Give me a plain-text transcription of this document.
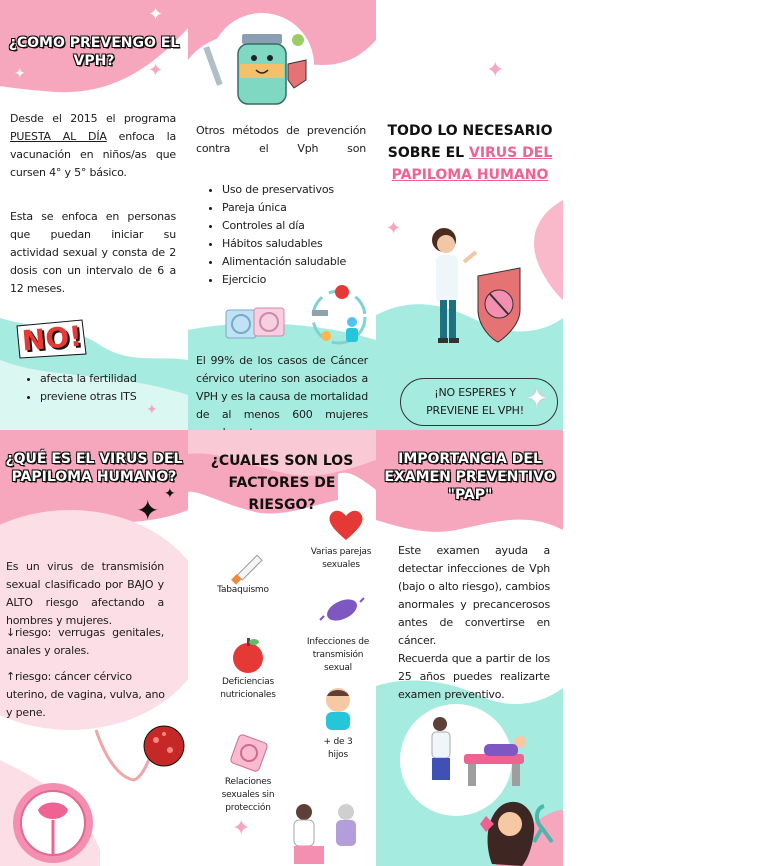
¿COMO PREVENGO EL VPH?
✦
✦	✦
Desde el 2015 el programa PUESTA AL DÍA enfoca la vacunación en niños/as que cursen 4° y 5° básico.
Esta se enfoca en personas que puedan iniciar su actividad sexual y consta de 2 dosis con un intervalo de 6 a 12 meses.
NO!
• afecta la fertilidad
• previene otras ITS
Otros métodos de prevención contra el Vph son
• Uso de preservativos
• Pareja única
• Controles al día
• Hábitos saludables
• Alimentación saludable
• Ejercicio
El 99% de los casos de Cáncer cérvico uterino son asociados a VPH y es la causa de mortalidad de al menos 600 mujeres
✦
✦
TODO LO NECESARIO SOBRE EL VIRUS DEL PAPILOMA HUMANO
¡NO ESPERES Y PREVIENE EL VPH! ✦
¿QUÉ ES EL VIRUS DEL PAPILOMA HUMANO?
✦ ✦
Es un virus de transmisión sexual clasificado por BAJO y ALTO riesgo afectando a hombres y mujeres.
↓riesgo: verrugas genitales, anales y orales.
↑riesgo: cáncer cérvico uterino, de vagina, vulva, ano y pene.
¿CUALES SON LOS FACTORES DE RIESGO?
Varias parejas sexuales
Tabaquismo
Infecciones de transmisión sexual
Deficiencias nutricionales
+ de 3 hijos
Relaciones sexuales sin protección
IMPORTANCIA DEL EXAMEN PREVENTIVO "PAP"
Este examen ayuda a detectar infecciones de Vph (bajo o alto riesgo), cambios anormales y precancerosos antes de convertirse en cáncer.
Recuerda que a partir de los 25 años puedes realizarte examen preventivo.
✦
✦
